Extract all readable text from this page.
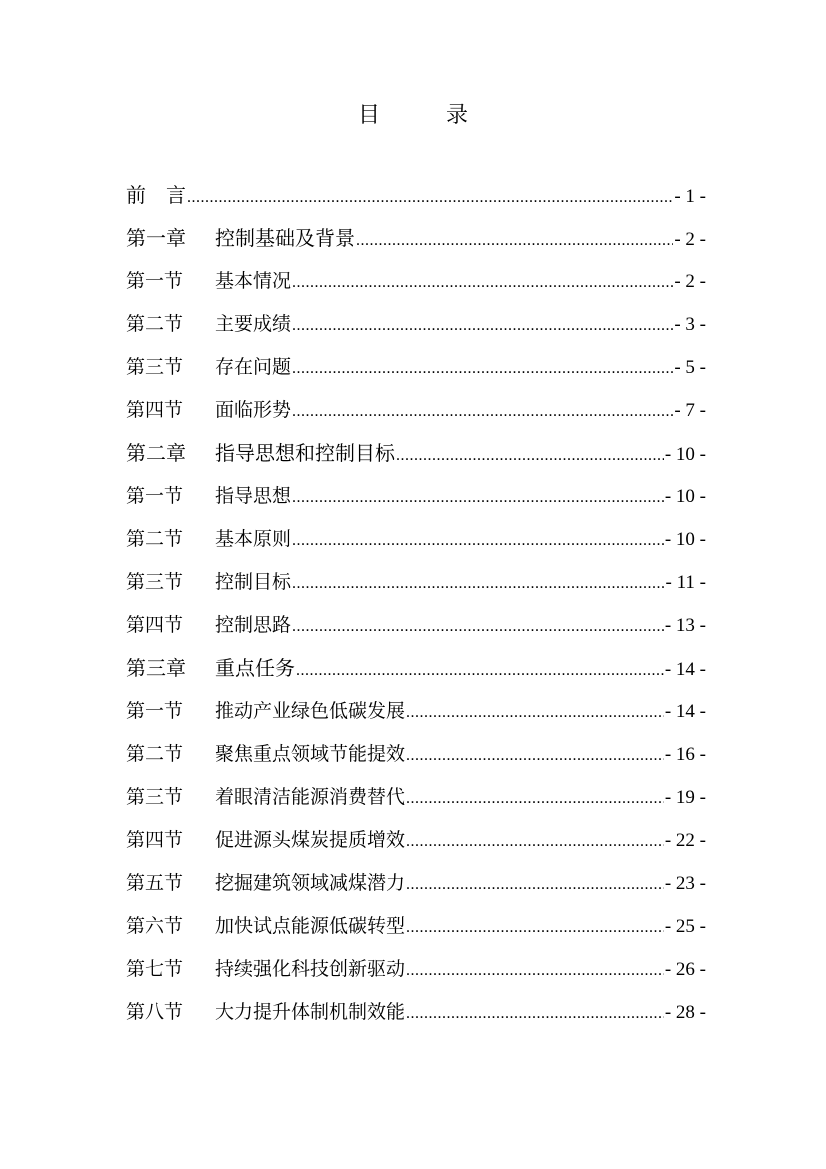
目　录
前　言 .....	- 1 -
第一章	控制基础及背景 .....	- 2 -
第一节	基本情况 .....	- 2 -
第二节	主要成绩 .....	- 3 -
第三节	存在问题 .....	- 5 -
第四节	面临形势 .....	- 7 -
第二章	指导思想和控制目标 .....	- 10 -
第一节	指导思想 .....	- 10 -
第二节	基本原则 .....	- 10 -
第三节	控制目标 .....	- 11 -
第四节	控制思路 .....	- 13 -
第三章	重点任务 .....	- 14 -
第一节	推动产业绿色低碳发展 .....	- 14 -
第二节	聚焦重点领域节能提效 .....	- 16 -
第三节	着眼清洁能源消费替代 .....	- 19 -
第四节	促进源头煤炭提质增效 .....	- 22 -
第五节	挖掘建筑领域减煤潜力 .....	- 23 -
第六节	加快试点能源低碳转型 .....	- 25 -
第七节	持续强化科技创新驱动 .....	- 26 -
第八节	大力提升体制机制效能 .....	- 28 -
